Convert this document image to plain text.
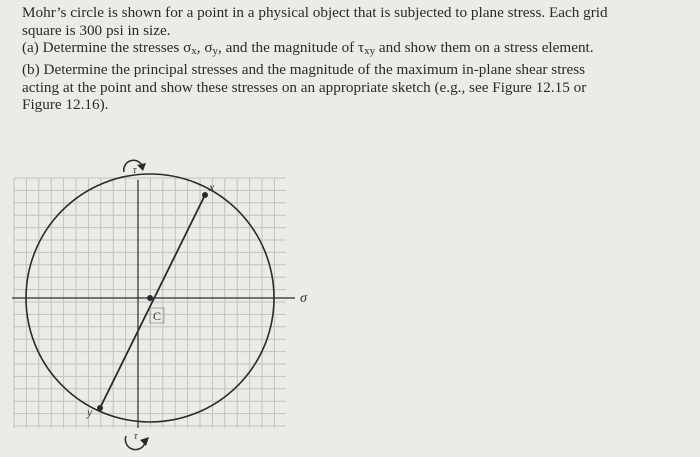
Mohr’s circle is shown for a point in a physical object that is subjected to plane stress. Each grid

square is 300 psi in size.

(a) Determine the stresses $\sigma_x$, $\sigma_y$, and the magnitude of $\tau_{xy}$ and show them on a stress element.

(b) Determine the principal stresses and the magnitude of the maximum in-plane shear stress

acting at the point and show these stresses on an appropriate sketch (e.g., see Figure 12.15 or

Figure 12.16).

x
y
C
σ
τ
τ
